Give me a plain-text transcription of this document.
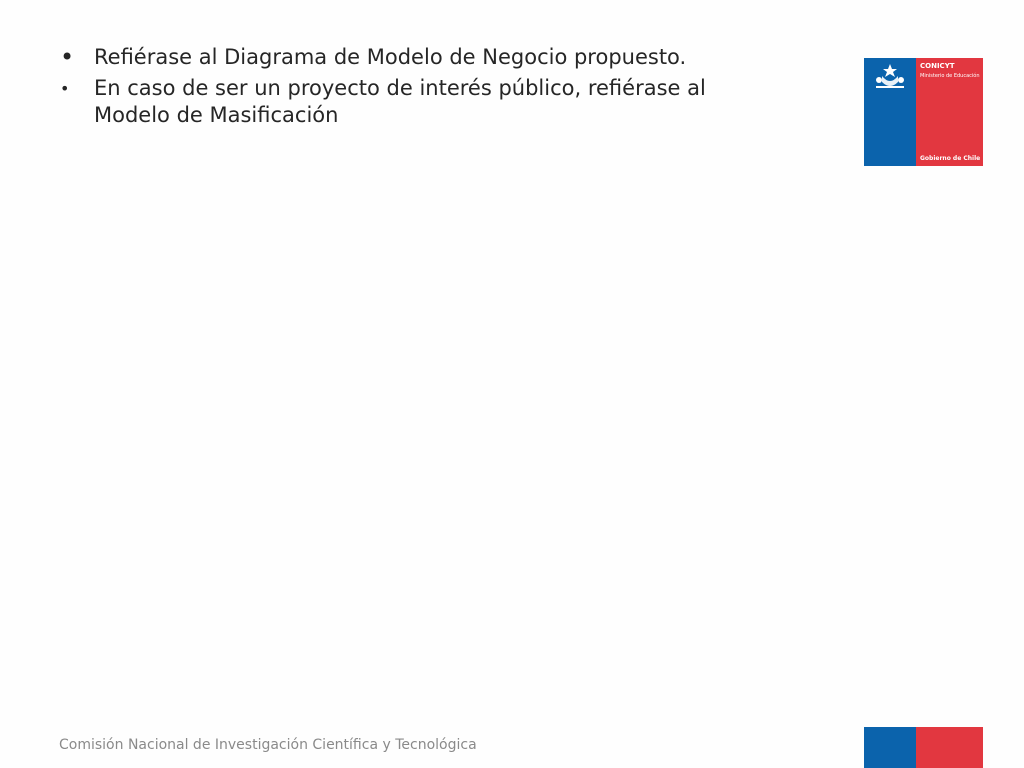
• Refiérase al Diagrama de Modelo de Negocio propuesto.
•	En caso de ser un proyecto de interés público, refiérase al Modelo de Masificación
CONICYT
Ministerio de Educación
Gobierno de Chile
Comisión Nacional de Investigación Científica y Tecnológica
